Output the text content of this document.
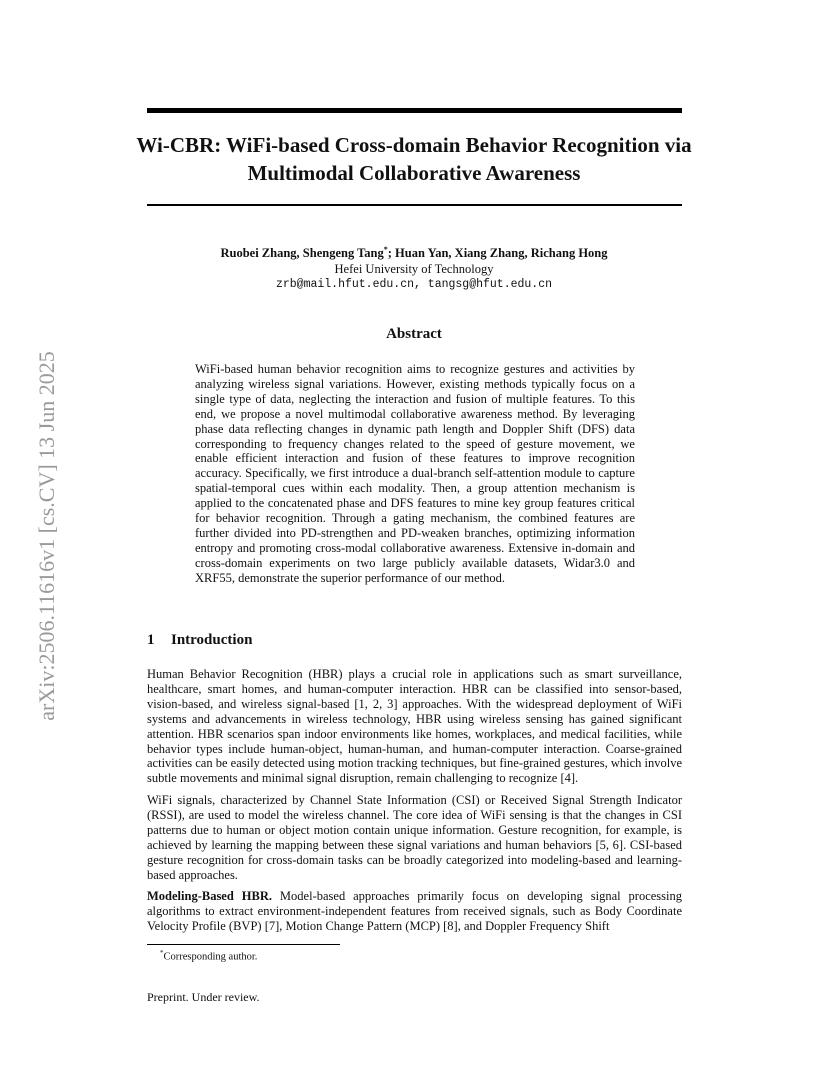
arXiv:2506.11616v1 [cs.CV] 13 Jun 2025
Wi-CBR: WiFi-based Cross-domain Behavior Recognition via Multimodal Collaborative Awareness
Ruobei Zhang, Shengeng Tang*; Huan Yan, Xiang Zhang, Richang Hong
Hefei University of Technology
zrb@mail.hfut.edu.cn, tangsg@hfut.edu.cn
Abstract

WiFi-based human behavior recognition aims to recognize gestures and activities by analyzing wireless signal variations. However, existing methods typically focus on a single type of data, neglecting the interaction and fusion of multiple features. To this end, we propose a novel multimodal collaborative awareness method. By leveraging phase data reflecting changes in dynamic path length and Doppler Shift (DFS) data corresponding to frequency changes related to the speed of gesture movement, we enable efficient interaction and fusion of these features to improve recognition accuracy. Specifically, we first introduce a dual-branch self-attention module to capture spatial-temporal cues within each modality. Then, a group attention mechanism is applied to the concatenated phase and DFS features to mine key group features critical for behavior recognition. Through a gating mechanism, the combined features are further divided into PD-strengthen and PD-weaken branches, optimizing information entropy and promoting cross-modal collaborative awareness. Extensive in-domain and cross-domain experiments on two large publicly available datasets, Widar3.0 and XRF55, demonstrate the superior performance of our method.

1 Introduction

Human Behavior Recognition (HBR) plays a crucial role in applications such as smart surveillance, healthcare, smart homes, and human-computer interaction. HBR can be classified into sensor-based, vision-based, and wireless signal-based [1, 2, 3] approaches. With the widespread deployment of WiFi systems and advancements in wireless technology, HBR using wireless sensing has gained significant attention. HBR scenarios span indoor environments like homes, workplaces, and medical facilities, while behavior types include human-object, human-human, and human-computer interaction. Coarse-grained activities can be easily detected using motion tracking techniques, but fine-grained gestures, which involve subtle movements and minimal signal disruption, remain challenging to recognize [4].

WiFi signals, characterized by Channel State Information (CSI) or Received Signal Strength Indicator (RSSI), are used to model the wireless channel. The core idea of WiFi sensing is that the changes in CSI patterns due to human or object motion contain unique information. Gesture recognition, for example, is achieved by learning the mapping between these signal variations and human behaviors [5, 6]. CSI-based gesture recognition for cross-domain tasks can be broadly categorized into modeling-based and learning-based approaches.

Modeling-Based HBR. Model-based approaches primarily focus on developing signal processing algorithms to extract environment-independent features from received signals, such as Body Coordinate Velocity Profile (BVP) [7], Motion Change Pattern (MCP) [8], and Doppler Frequency Shift

*Corresponding author.

Preprint. Under review.
